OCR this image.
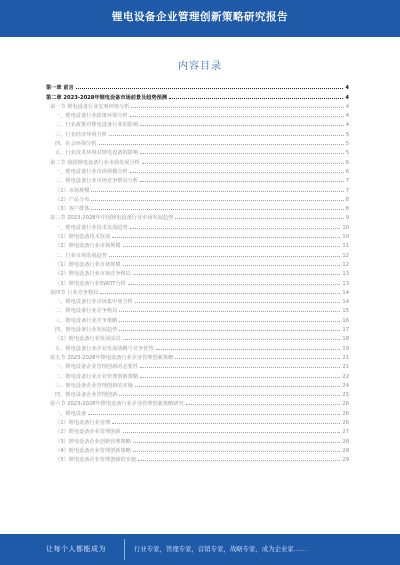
锂电设备企业管理创新策略研究报告
内容目录
第一章 前言	4
第二章 2023-2028年锂电设备市场前景及趋势预测	4
第一节 锂电设备行业宏观环境分析	4
一、锂电设备行业政策环境分析	4
二、行业政策对锂电设备行业的影响	4
三、行业经济环境分析	5
四、社会环境分析	5
五、行业技术环境对锂电设备的影响	5
第二节 我国锂电设备行业市场发展分析	6
一、锂电设备行业市场规模分析	6
二、锂电设备行业市场竞争格局分析	7
（1）市场规模	7
（2）产品分布	8
（3）客户群体	8
第三节 2023-2028年中国锂电设备行业市场发展趋势	9
一、锂电设备行业技术发展趋势	10
（1）锂电设备技术发展	10
（2）锂电设备行业市场规模	11
二、行业市场发展趋势	12
（1）锂电设备行业市场规模	12
（2）锂电设备行业市场竞争格局	13
（3）锂电设备行业SWOT分析	13
第四节 行业竞争格局	14
一、锂电设备行业市场集中度分析	14
二、锂电设备行业竞争格局	15
三、锂电设备行业竞争策略	16
四、锂电设备行业发展趋势	17
（1）锂电设备行业发展前景	18
五、锂电设备行业企业发展战略与竞争优势	19
第五节 2023-2028年锂电设备行业企业管理创新策略	21
一、锂电设备企业管理创新的必要性	21
二、锂电设备行业企业管理创新策略	22
三、锂电设备企业管理创新的实施	24
四、锂电设备企业管理创新	25
第六节 2023-2028年锂电设备行业企业管理创新策略研究	26
一、锂电设备	26
（1）锂电设备行业管理	26
（2）锂电设备企业管理创新	27
（3）锂电设备企业创新管理策略	28
（4）锂电设备企业管理创新策略	28
（5）锂电设备企业管理创新的实施	29
让每个人都能成为	行业专家，管理专家，营销专家，战略专家，成为企业家……
